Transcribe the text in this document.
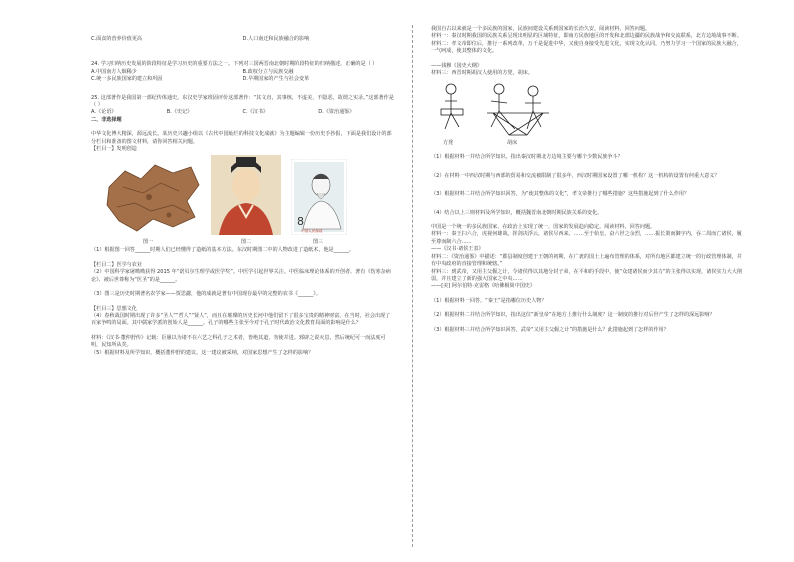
C.面食的营养价值更高	D.人口南迁和民族融合的影响

24. 学习归纳历史发展的阶段特征是学习历史的重要方法之一。下列对三国两晋南北朝时期阶段特征的归纳描述，正确的是（ ）

A.中国南方人烟稀少	B.政权分立与民族交融
C.统一多民族国家的建立和巩固	D.早期国家的产生与社会变革

25. 这部著作是我国第一部纪传体通史。东汉史学家班固评价这部著作：“其文直，其事核，不虚美，不隐恶，故谓之实录。”这部著作是（ ）

A.《论语》	B.《史记》	C.《汉书》	D.《资治通鉴》

二、非选择题

中华文化博大精深，源远流长。某历史兴趣小组以《古代中国灿烂的科技文化成就》为主题编辑一份历史手抄报，下面是我们设计的部分栏目和准备的图文材料，请你回答相关问题。

【栏目一】发明创造

8
中国人民邮政
图一	图二	图三

（1）根据图一回答______时期人们已经懂得了造纸的基本方法。东汉时期图二中的人物改进了造纸术，他是______。

【栏目二】医学与农业

（2）中国科学家屠呦呦获得 2015 年“诺贝尔生理学或医学奖”。中医学引起世界关注。中医临床理论体系的开创者、著有《伤寒杂病论》、被后世尊称为“医圣”的是______。

（3）图三是历史时期著名农学家——贾思勰，他的成就是著有中国现存最早的完整的农书《______》。

【栏目三】思想文化

（4）春秋战国时期出现了许多“圣人”“哲人”“贤人”，而且在璀璨的历史长河中他们留下了很多宝贵的精神财富，在当时，社会出现了百家争鸣的局面。其中儒家学派的创始人是______。孔子的哪些主张至今对于孔子时代政治文化教育局面的影响是什么？

材料：《汉书·董仲舒传》记载：臣愚以为诸不在六艺之科孔子之术者，皆绝其道，勿使并进。邪辟之说灭息，然后统纪可一而法度可明，民知所从矣。

（5）根据材料及所学知识，概括董仲舒的建议。这一建议被采纳，对国家思想产生了怎样的影响？

我国自古以来就是一个多民族的国家，民族间建设关系到国家的长治久安。阅读材料，回答问题。

材料一：秦汉时期我国的民族关系呈现出明显的区域特征，即南方民族地区的开发和北部边疆的民族战争和交流联系，北方边境战事不断。

材料二：孝文帝即位后，推行一系列改革，万千是促进中华，又使自身接受先进文化，实现文化认同，乃努力学习一个国家的民族大融合，一气呵成，使其整体的文化。

——钱穆《国史大纲》

材料三：西晋时期胡汉人使用的方凳，胡床。

方凳	胡床

（1）根据材料一并结合所学知识，指出秦汉时期北方边境主要与哪个少数民族争斗？

（2）在材料一中西汉时期与西部的贸易和交流被限制了很多年，西汉时期国家设置了哪一机构？这一机构的设置有何重大意义？

（3）根据材料二并结合所学知识回答，为“使其整体的文化”，孝文帝推行了哪些措施？这些措施起到了什么作用？

（4）结合以上三则材料及所学知识，概括魏晋南北朝时期民族关系的变化。

中国是一个统一的多民族国家，在政治上实现了统一，国家的发展趋向稳定。阅读材料，回答问题。

材料一：秦王扫六合，虎视何雄哉。挥剑决浮云，诸侯尽西来。……至于始皇，奋六世之余烈，……振长策而御宇内，吞二周而亡诸侯，履至尊而制六合……

——《汉书·诸侯王表》

材料二：《资治通鉴》中描述：“郡县制度创建于王朝的初期，在广袤的国土上遍布管理的体系，对所有地区都建立统一的行政管理体制，并有中央政府的直接管理和统辖。”

材料三：到武帝，又用主父偃之计，令诸侯得以其地分封子弟，在平和的手段中，使“众建诸侯而少其力”的主张得以实现，诸侯实力大大削弱，并且建立了新的强大国家之中央……

——[美] 阿尔伯特·克雷格《哈佛极简中国史》

（1）根据材料一回答，“秦王”是指哪位历史人物？

（2）根据材料二并结合所学知识，指出这位“新皇帝”在地方上推行什么制度？这一制度的推行对后世产生了怎样的深远影响？

（3）根据材料三并结合所学知识回答，武帝“又用主父偃之计”的措施是什么？此措施起到了怎样的作用？
